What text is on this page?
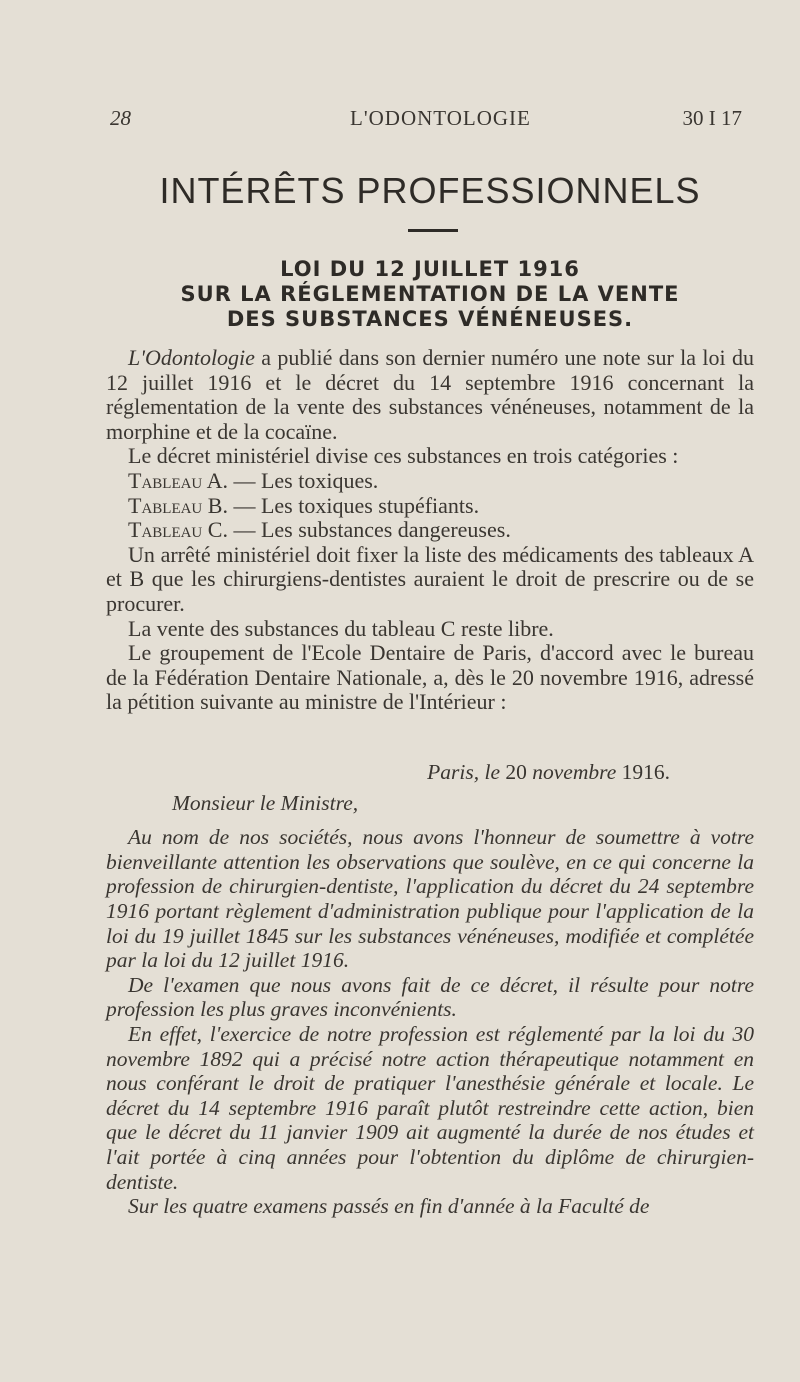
28	L'ODONTOLOGIE	30 I 17
INTÉRÊTS PROFESSIONNELS
LOI DU 12 JUILLET 1916
SUR LA RÉGLEMENTATION DE LA VENTE
DES SUBSTANCES VÉNÉNEUSES.

L'Odontologie a publié dans son dernier numéro une note sur la loi du 12 juillet 1916 et le décret du 14 septembre 1916 concernant la réglementation de la vente des substances vénéneuses, notamment de la morphine et de la cocaïne.

Le décret ministériel divise ces substances en trois catégories :

Tableau A. — Les toxiques.

Tableau B. — Les toxiques stupéfiants.

Tableau C. — Les substances dangereuses.

Un arrêté ministériel doit fixer la liste des médicaments des tableaux A et B que les chirurgiens-dentistes auraient le droit de prescrire ou de se procurer.

La vente des substances du tableau C reste libre.

Le groupement de l'Ecole Dentaire de Paris, d'accord avec le bureau de la Fédération Dentaire Nationale, a, dès le 20 novembre 1916, adressé la pétition suivante au ministre de l'Intérieur :

Paris, le 20 novembre 1916.

Monsieur le Ministre,

Au nom de nos sociétés, nous avons l'honneur de soumettre à votre bienveillante attention les observations que soulève, en ce qui concerne la profession de chirurgien-dentiste, l'application du décret du 24 septembre 1916 portant règlement d'administration publique pour l'application de la loi du 19 juillet 1845 sur les substances vénéneuses, modifiée et complétée par la loi du 12 juillet 1916.

De l'examen que nous avons fait de ce décret, il résulte pour notre profession les plus graves inconvénients.

En effet, l'exercice de notre profession est réglementé par la loi du 30 novembre 1892 qui a précisé notre action thérapeutique notamment en nous conférant le droit de pratiquer l'anesthésie générale et locale. Le décret du 14 septembre 1916 paraît plutôt restreindre cette action, bien que le décret du 11 janvier 1909 ait augmenté la durée de nos études et l'ait portée à cinq années pour l'obtention du diplôme de chirurgien-dentiste.

Sur les quatre examens passés en fin d'année à la Faculté de
